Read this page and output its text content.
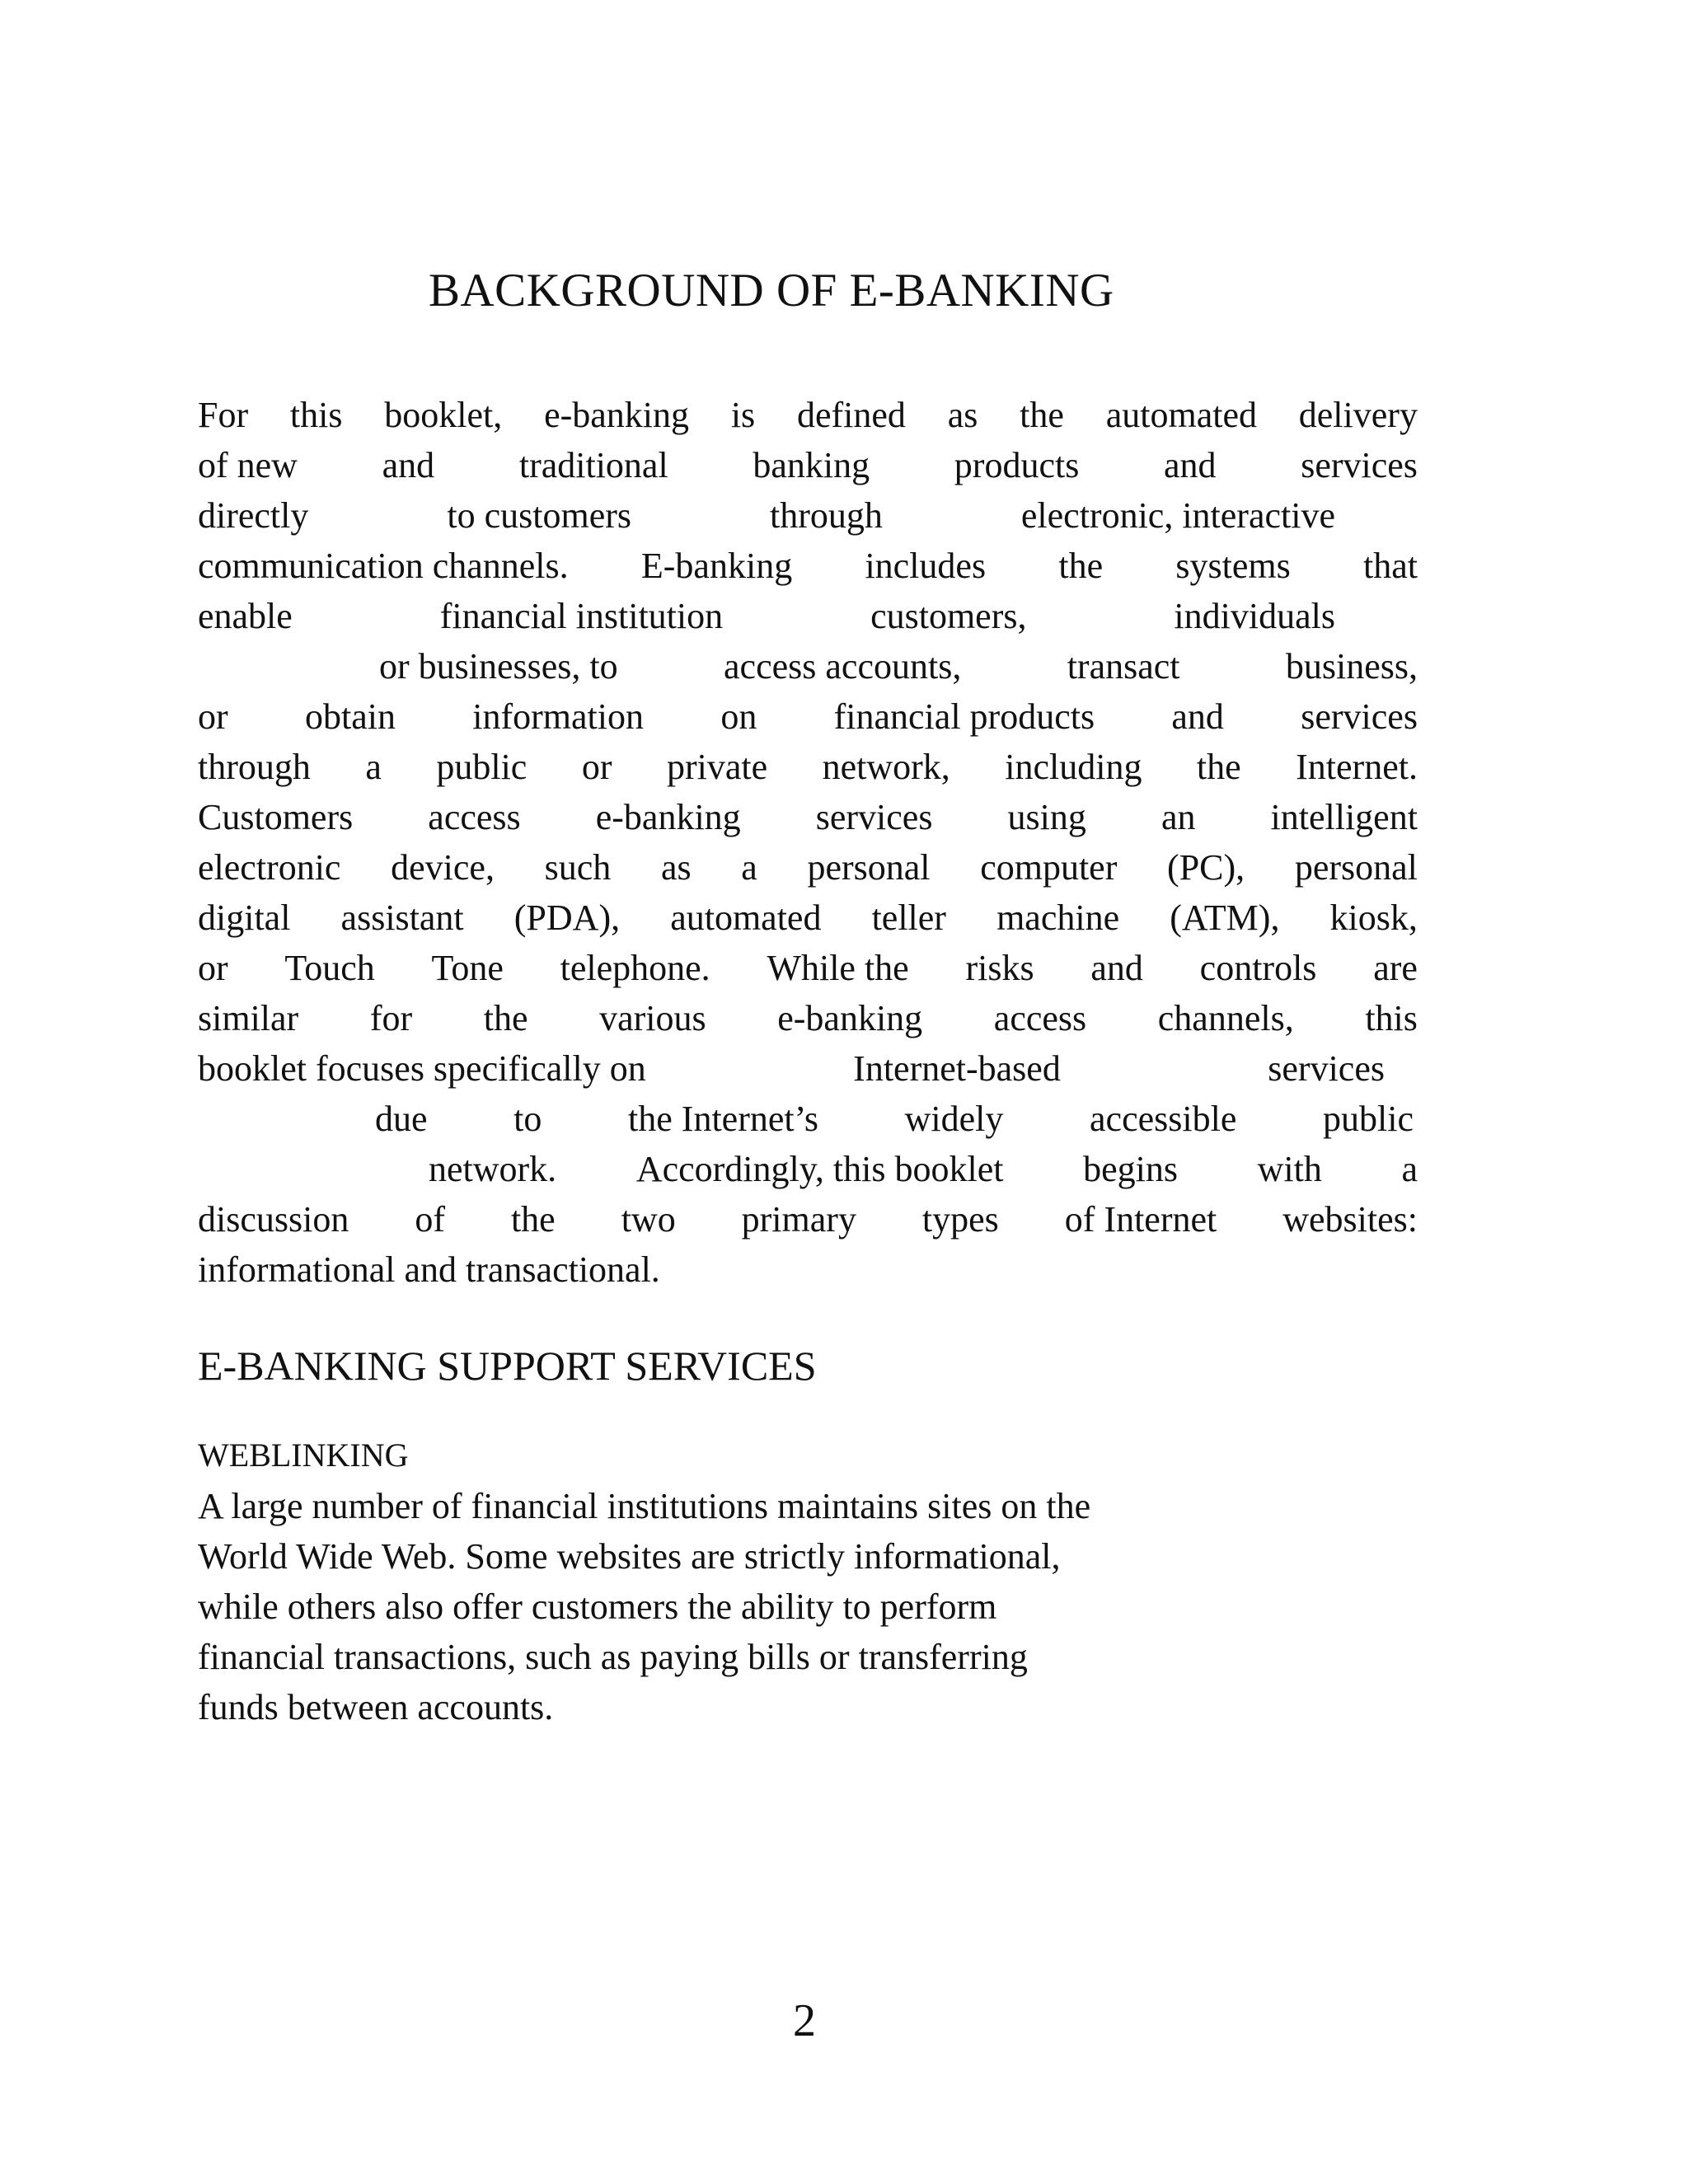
BACKGROUND OF E-BANKING
For this booklet, e-banking is defined as the automated delivery
of new and traditional banking products and services
directly	to customers	through	electronic, interactive
communication channels. E-banking includes the systems that
enable	financial institution	customers,	individuals
or businesses, to	access accounts,	transact	business,
or obtain information on financial products and services
through a public or private network, including the Internet.
Customers access e-banking services using an intelligent
electronic device, such as a personal computer (PC), personal
digital assistant (PDA), automated teller machine (ATM), kiosk,
or Touch Tone telephone. While the risks and controls are
similar for the various e-banking access channels, this
booklet focuses specifically on	Internet-based	services
due to the Internet’s widely accessible public
network. Accordingly, this booklet begins with a
discussion of the two primary types of Internet websites:
informational and transactional.
E-BANKING SUPPORT SERVICES
WEBLINKING
A large number of financial institutions maintains sites on the
World Wide Web. Some websites are strictly informational,
while others also offer customers the ability to perform
financial transactions, such as paying bills or transferring
funds between accounts.
2
